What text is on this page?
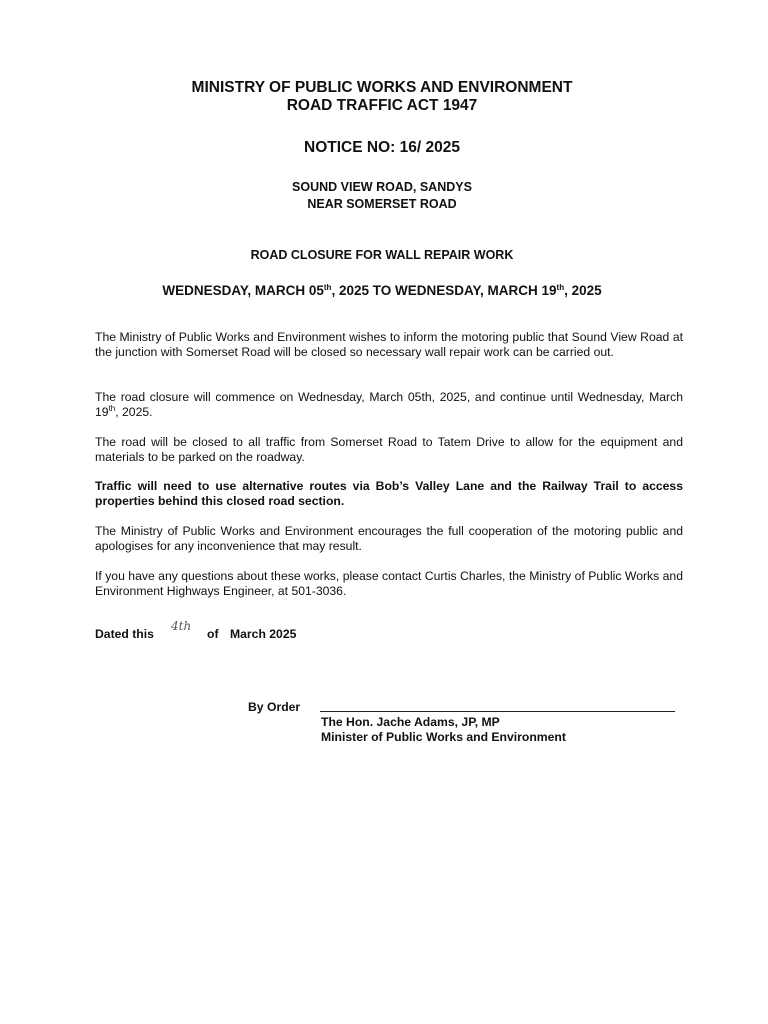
MINISTRY OF PUBLIC WORKS AND ENVIRONMENT
ROAD TRAFFIC ACT 1947
NOTICE NO: 16/ 2025
SOUND VIEW ROAD, SANDYS
NEAR SOMERSET ROAD
ROAD CLOSURE FOR WALL REPAIR WORK
WEDNESDAY, MARCH 05th, 2025 TO WEDNESDAY, MARCH 19th, 2025
The Ministry of Public Works and Environment wishes to inform the motoring public that Sound View Road at the junction with Somerset Road will be closed so necessary wall repair work can be carried out.
The road closure will commence on Wednesday, March 05th, 2025, and continue until Wednesday, March 19th, 2025.
The road will be closed to all traffic from Somerset Road to Tatem Drive to allow for the equipment and materials to be parked on the roadway.
Traffic will need to use alternative routes via Bob’s Valley Lane and the Railway Trail to access properties behind this closed road section.
The Ministry of Public Works and Environment encourages the full cooperation of the motoring public and apologises for any inconvenience that may result.
If you have any questions about these works, please contact Curtis Charles, the Ministry of Public Works and Environment Highways Engineer, at 501-3036.
Dated this
4th
of March 2025
By Order
The Hon. Jache Adams, JP, MP
Minister of Public Works and Environment
